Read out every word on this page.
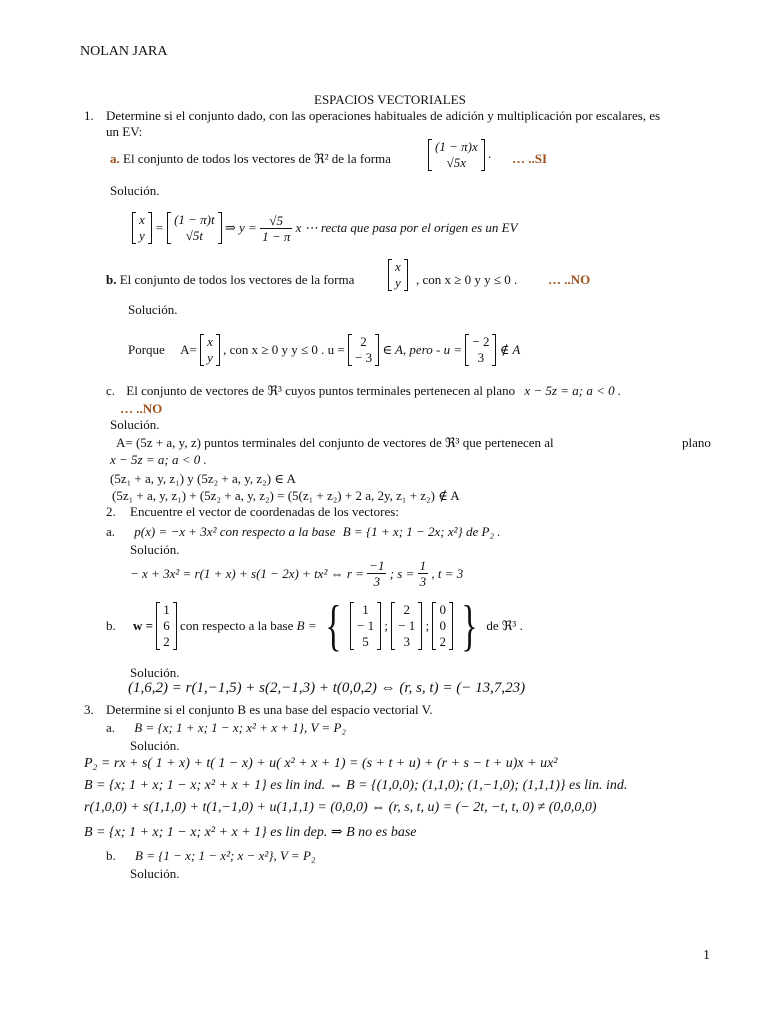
NOLAN JARA
ESPACIOS VECTORIALES
1. Determine si el conjunto dado, con las operaciones habituales de adición y multiplicación por escalares, es
un EV:
a. El conjunto de todos los vectores de ℜ² de la forma
(1 − π)x
√5x
. … ..SI
Solución.
x
y
=
(1 − π)t
√5t
⇒ $y = \frac{√5}{1 - \pi}$ x ⋯ recta que pasa por el origen es un EV
b. El conjunto de todos los vectores de la forma
x
y , con x ≥ 0 y y ≤ 0 . … ..NO
Solución.
Porque A=
x
y
, con x ≥ 0 y y ≤ 0 . u =
2
− 3
∈ A, pero - u =
− 2
3
∉ A
c. El conjunto de vectores de ℜ³ cuyos puntos terminales pertenecen al plano x − 5z = a; a < 0 .
… ..NO
Solución.
A= (5z + a, y, z) puntos terminales del conjunto de vectores de ℜ³ que pertenecen al	plano
x − 5z = a; a < 0 .
(5z₁ + a, y, z₁) y (5z₂ + a, y, z₂) ∈ A
(5z₁ + a, y, z₁) + (5z₂ + a, y, z₂) = (5(z₁ + z₂) + 2 a, 2y, z₁ + z₂) ∉ A
2. Encuentre el vector de coordenadas de los vectores:
a. p(x) = −x + 3x² con respecto a la base B = {1 + x; 1 − 2x; x²} de P₂ .
Solución.
− x + 3x² = r(1 + x) + s(1 − 2x) + tx² ⇔ $r = \frac{-1}{3}$ ; $s = \frac{1}{3}$ , t = 3
b. w =
1
6
2
con respecto a la base B = {	1
− 1
5
;
2
− 1
3
;
0
0
2 } de ℜ³ .
Solución.
(1,6,2) = r(1,−1,5) + s(2,−1,3) + t(0,0,2) ⇔ (r, s, t) = (− 13,7,23)
3. Determine si el conjunto B es una base del espacio vectorial V.
a. B = {x; 1 + x; 1 − x; x² + x + 1}, V = P₂
Solución.
P₂ = rx + s( 1 + x) + t( 1 − x) + u( x² + x + 1) = (s + t + u) + (r + s − t + u)x + ux²
B = {x; 1 + x; 1 − x; x² + x + 1} es lin ind. ⇔ B = {(1,0,0); (1,1,0); (1,−1,0); (1,1,1)} es lin. ind.
r(1,0,0) + s(1,1,0) + t(1,−1,0) + u(1,1,1) = (0,0,0) ⇔ (r, s, t, u) = (− 2t, −t, t, 0) ≠ (0,0,0,0)
B = {x; 1 + x; 1 − x; x² + x + 1} es lin dep. ⇒ B no es base
b. B = {1 − x; 1 − x²; x − x²}, V = P₂
Solución.
1
